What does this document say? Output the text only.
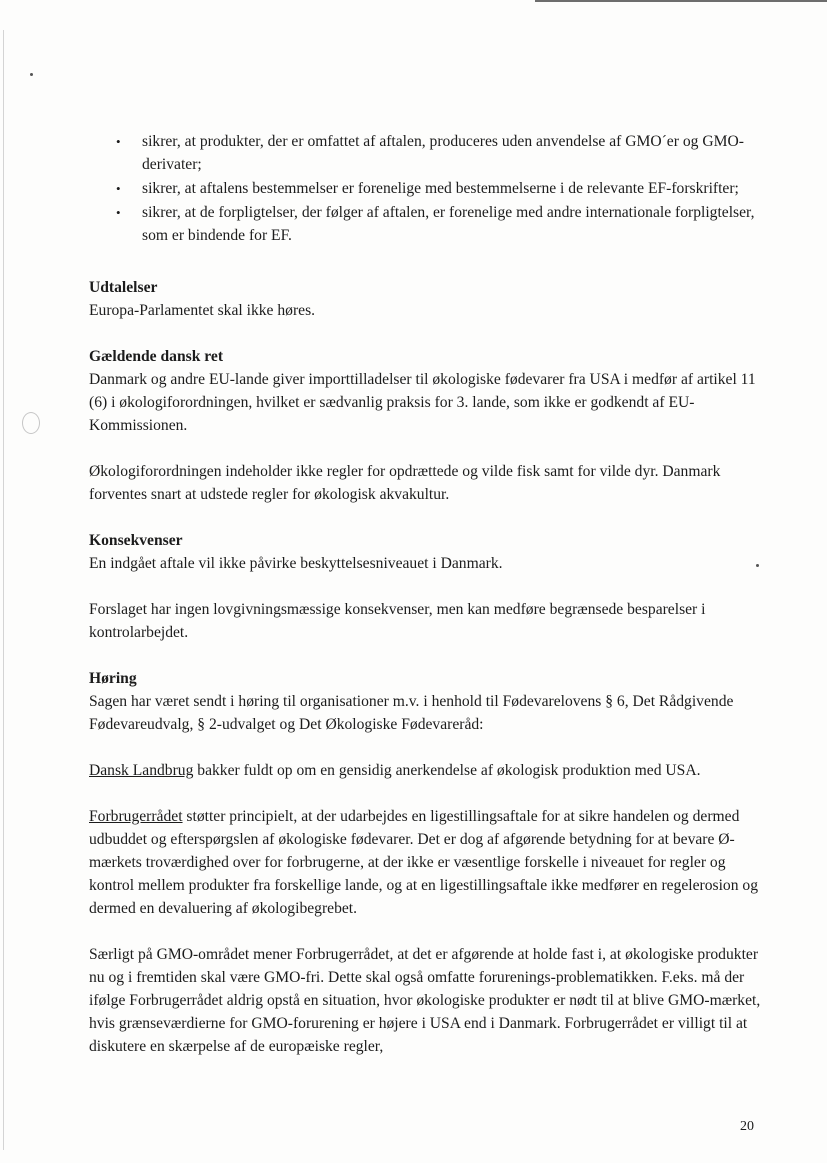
• sikrer, at produkter, der er omfattet af aftalen, produceres uden anvendelse af GMO´er og GMO-derivater;
• sikrer, at aftalens bestemmelser er forenelige med bestemmelserne i de relevante EF-forskrifter;
• sikrer, at de forpligtelser, der følger af aftalen, er forenelige med andre internationale forpligtelser, som er bindende for EF.

Udtalelser

Europa-Parlamentet skal ikke høres.

Gældende dansk ret

Danmark og andre EU-lande giver importtilladelser til økologiske fødevarer fra USA i medfør af artikel 11 (6) i økologiforordningen, hvilket er sædvanlig praksis for 3. lande, som ikke er godkendt af EU-Kommissionen.

Økologiforordningen indeholder ikke regler for opdrættede og vilde fisk samt for vilde dyr. Danmark forventes snart at udstede regler for økologisk akvakultur.

Konsekvenser

En indgået aftale vil ikke påvirke beskyttelsesniveauet i Danmark.

Forslaget har ingen lovgivningsmæssige konsekvenser, men kan medføre begrænsede besparelser i kontrolarbejdet.

Høring

Sagen har været sendt i høring til organisationer m.v. i henhold til Fødevarelovens § 6, Det Rådgivende Fødevareudvalg, § 2-udvalget og Det Økologiske Fødevareråd:

Dansk Landbrug bakker fuldt op om en gensidig anerkendelse af økologisk produktion med USA.

Forbrugerrådet støtter principielt, at der udarbejdes en ligestillingsaftale for at sikre handelen og dermed udbuddet og efterspørgslen af økologiske fødevarer. Det er dog af afgørende betydning for at bevare Ø-mærkets troværdighed over for forbrugerne, at der ikke er væsentlige forskelle i niveauet for regler og kontrol mellem produkter fra forskellige lande, og at en ligestillingsaftale ikke medfører en regelerosion og dermed en devaluering af økologibegrebet.

Særligt på GMO-området mener Forbrugerrådet, at det er afgørende at holde fast i, at økologiske produkter nu og i fremtiden skal være GMO-fri. Dette skal også omfatte forurenings-problematikken. F.eks. må der ifølge Forbrugerrådet aldrig opstå en situation, hvor økologiske produkter er nødt til at blive GMO-mærket, hvis grænseværdierne for GMO-forurening er højere i USA end i Danmark. Forbrugerrådet er villigt til at diskutere en skærpelse af de europæiske regler,

20
